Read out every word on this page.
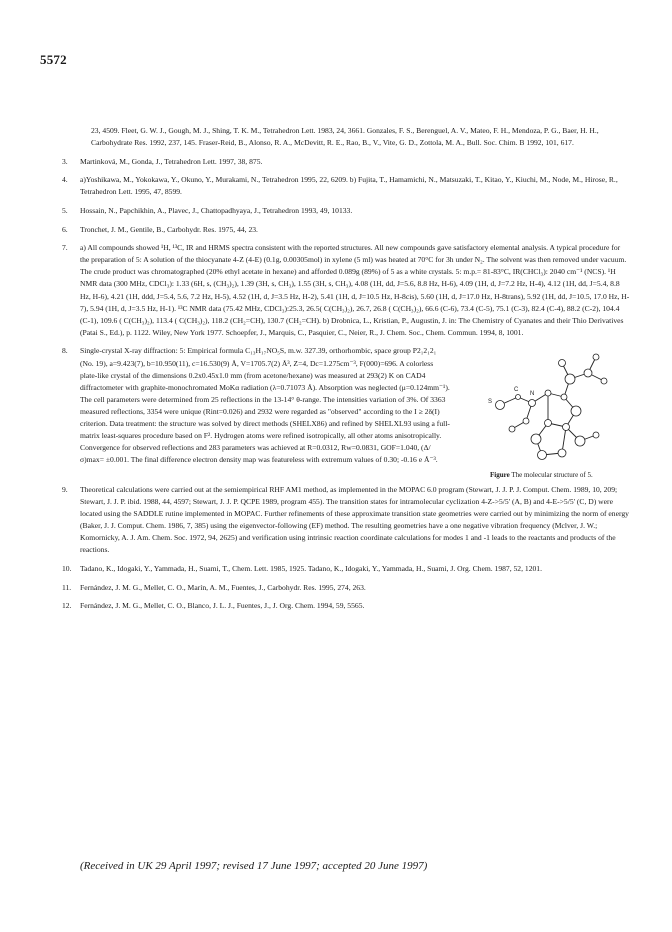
5572

23, 4509. Fleet, G. W. J., Gough, M. J., Shing, T. K. M., Tetrahedron Lett. 1983, 24, 3661. Gonzales, F. S., Berenguel, A. V., Mateo, F. H., Mendoza, P. G., Baer, H. H., Carbohydrate Res. 1992, 237, 145. Fraser-Reid, B., Alonso, R. A., McDevitt, R. E., Rao, B., V., Vite, G. D., Zottola, M. A., Bull. Soc. Chim. B 1992, 101, 617.

3. Martinková, M., Gonda, J., Tetrahedron Lett. 1997, 38, 875.

4. a)Yoshikawa, M., Yokokawa, Y., Okuno, Y., Murakami, N., Tetrahedron 1995, 22, 6209. b) Fujita, T., Hamamichi, N., Matsuzaki, T., Kitao, Y., Kiuchi, M., Node, M., Hirose, R., Tetrahedron Lett. 1995, 47, 8599.

5. Hossain, N., Papchikhin, A., Plavec, J., Chattopadhyaya, J., Tetrahedron 1993, 49, 10133.

6. Tronchet, J. M., Gentile, B., Carbohydr. Res. 1975, 44, 23.

7. a) All compounds showed ¹H, ¹³C, IR and HRMS spectra consistent with the reported structures. All new compounds gave satisfactory elemental analysis. A typical procedure for the preparation of 5: A solution of the thiocyanate 4-Z (4-E) (0.1g, 0.00305mol) in xylene (5 ml) was heated at 70°C for 3h under N₂. The solvent was then removed under vacuum. The crude product was chromatographed (20% ethyl acetate in hexane) and afforded 0.089g (89%) of 5 as a white crystals. 5: m.p.= 81-83°C, IR(CHCl₃): 2040 cm⁻¹ (NCS). ¹H NMR data (300 MHz, CDCl₃): 1.33 (6H, s, (CH₃)₂), 1.39 (3H, s, CH₃), 1.55 (3H, s, CH₃), 4.08 (1H, dd, J=5.6, 8.8 Hz, H-6), 4.09 (1H, d, J=7.2 Hz, H-4), 4.12 (1H, dd, J=5.4, 8.8 Hz, H-6), 4.21 (1H, ddd, J=5.4, 5.6, 7.2 Hz, H-5), 4.52 (1H, d, J=3.5 Hz, H-2), 5.41 (1H, d, J=10.5 Hz, H-8cis), 5.60 (1H, d, J=17.0 Hz, H-8trans), 5.92 (1H, dd, J=10.5, 17.0 Hz, H-7), 5.94 (1H, d, J=3.5 Hz, H-1). ¹³C NMR data (75.42 MHz, CDCl₃):25.3, 26.5( C(CH₃)₂), 26.7, 26.8 ( C(CH₃)₂), 66.6 (C-6), 73.4 (C-5), 75.1 (C-3), 82.4 (C-4), 88.2 (C-2), 104.4 (C-1), 109.6 ( C(CH₃)₂), 113.4 ( C(CH₃)₂), 118.2 (CH₂=CH), 130.7 (CH₂=CH). b) Drobnica, L., Kristian, P., Augustin, J. in: The Chemistry of Cyanates and their Thio Derivatives (Patai S., Ed.), p. 1122. Wiley, New York 1977. Schoepfer, J., Marquis, C., Pasquier, C., Neier, R., J. Chem. Soc., Chem. Commun. 1994, 8, 1001.

8. Single-crystal X-ray diffraction: 5: Empirical formula C₁₃H₁₇NO₅S, m.w. 327.39, orthorhombic, space group P2₁2₁2₁ (No. 19), a=9.423(7), b=10.950(11), c=16.530(9) Å, V=1705.7(2) Å³, Z=4, Dc=1.275cm⁻³, F(000)=696. A colorless plate-like crystal of the dimensions 0.2x0.45x1.0 mm (from acetone/hexane) was measured at 293(2) K on CAD4 diffractometer with graphite-monochromated MoKα radiation (λ=0.71073 Å). Absorption was neglected (μ=0.124mm⁻¹). The cell parameters were determined from 25 reflections in the 13-14° θ-range. The intensities variation of 3%. Of 3363 measured reflections, 3354 were unique (Rint=0.026) and 2932 were regarded as "observed" according to the I ≥ 2δ(I) criterion. Data treatment: the structure was solved by direct methods (SHELX86) and refined by SHELXL93 using a full-matrix least-squares procedure based on F². Hydrogen atoms were refined isotropically, all other atoms anisotropically. Convergence for observed reflections and 283 parameters was achieved at R=0.0312, Rw=0.0831, GOF=1.040, (Δ/σ)max= ±0.001. The final difference electron density map was featureless with extremum values of 0.30; -0.16 e Å⁻³.
S
C
N
Figure The molecular structure of 5.

9. Theoretical calculations were carried out at the semiempirical RHF AM1 method, as implemented in the MOPAC 6.0 program (Stewart, J. J. P. J. Comput. Chem. 1989, 10, 209; Stewart, J. J. P. ibid. 1988, 44, 4597; Stewart, J. J. P. QCPE 1989, program 455). The transition states for intramolecular cyclization 4-Z->5/5' (A, B) and 4-E->5/5' (C, D) were located using the SADDLE rutine implemented in MOPAC. Further refinements of these approximate transition state geometries were carried out by minimizing the norm of energy (Baker, J. J. Comput. Chem. 1986, 7, 385) using the eigenvector-following (EF) method. The resulting geometries have a one negative vibration frequency (Mclver, J. W.; Komornicky, A. J. Am. Chem. Soc. 1972, 94, 2625) and verification using intrinsic reaction coordinate calculations for modes 1 and -1 leads to the reactants and products of the reactions.

10. Tadano, K., Idogaki, Y., Yammada, H., Suami, T., Chem. Lett. 1985, 1925. Tadano, K., Idogaki, Y., Yammada, H., Suami, J. Org. Chem. 1987, 52, 1201.

11. Fernández, J. M. G., Mellet, C. O., Marín, A. M., Fuentes, J., Carbohydr. Res. 1995, 274, 263.

12. Fernández, J. M. G., Mellet, C. O., Blanco, J. L. J., Fuentes, J., J. Org. Chem. 1994, 59, 5565.

(Received in UK 29 April 1997; revised 17 June 1997; accepted 20 June 1997)
